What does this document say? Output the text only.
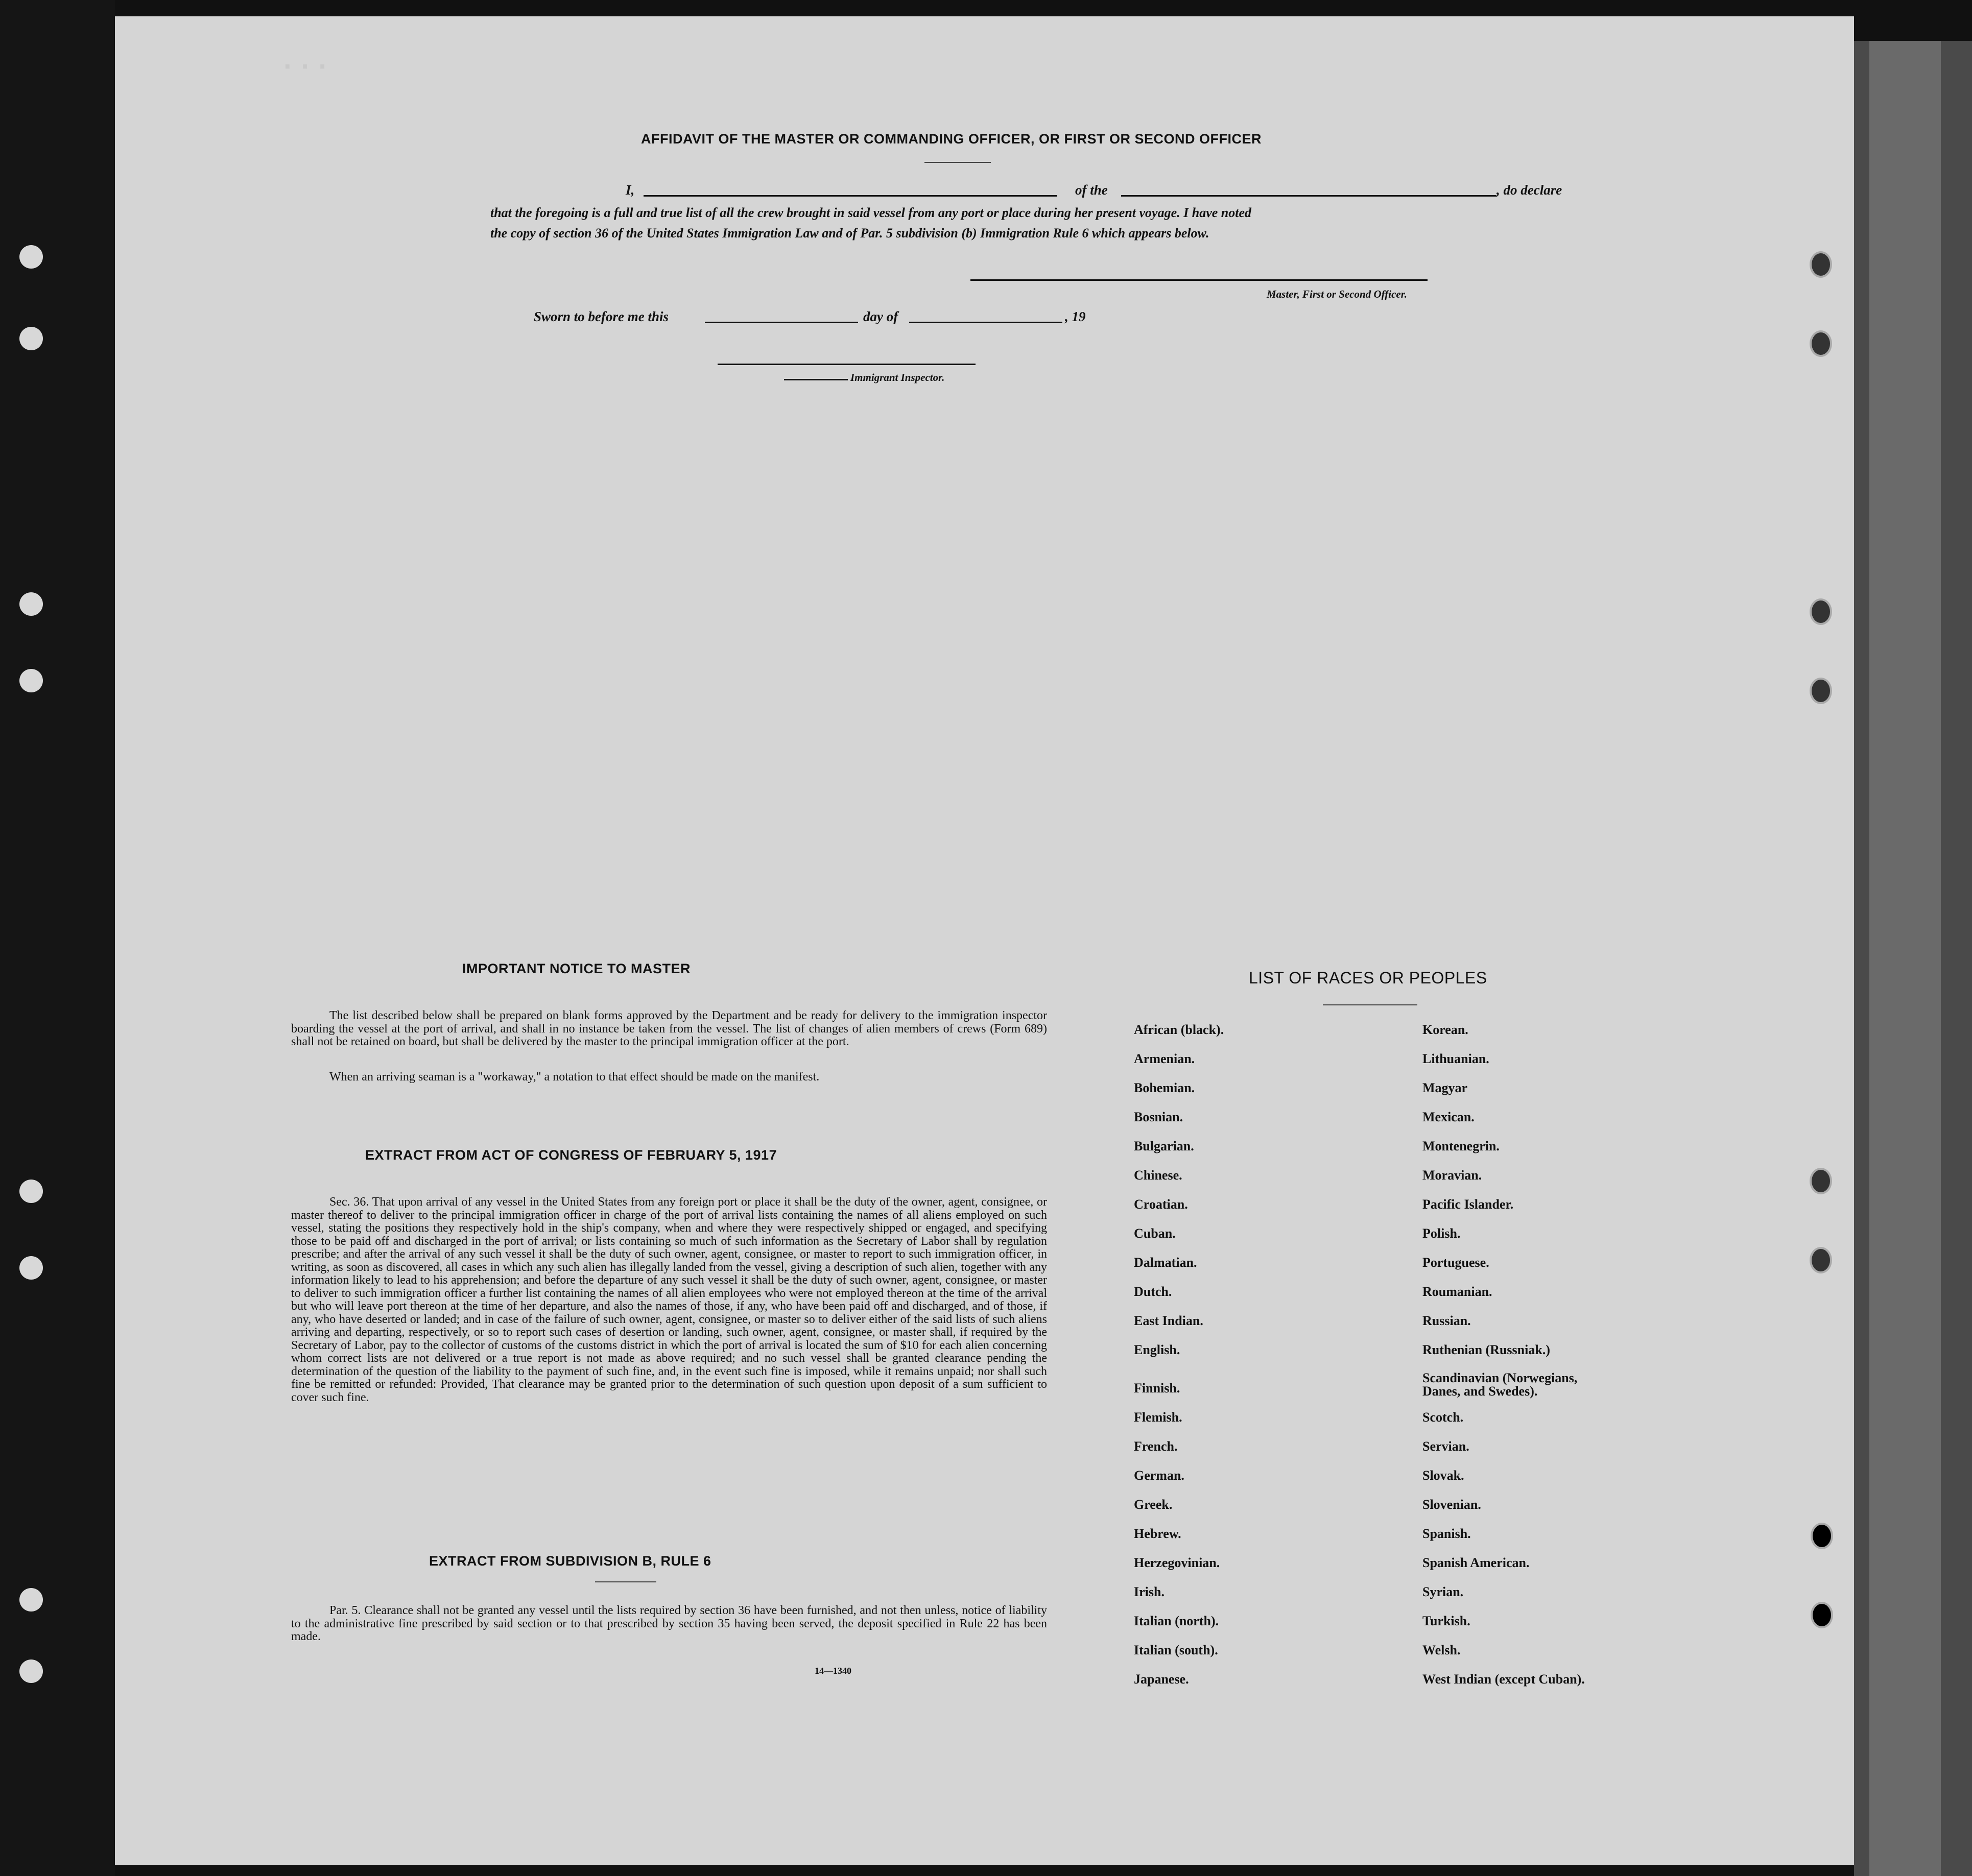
· · ·
AFFIDAVIT OF THE MASTER OR COMMANDING OFFICER, OR FIRST OR SECOND OFFICER
I,	of the	, do declare
that the foregoing is a full and true list of all the crew brought in said vessel from any port or place during her present voyage. I have noted
the copy of section 36 of the United States Immigration Law and of Par. 5 subdivision (b) Immigration Rule 6 which appears below.
Master, First or Second Officer.
Sworn to before me this	day of	, 19
Immigrant Inspector.
IMPORTANT NOTICE TO MASTER
The list described below shall be prepared on blank forms approved by the Department and be ready for delivery to the immigration inspector boarding the vessel at the port of arrival, and shall in no instance be taken from the vessel. The list of changes of alien members of crews (Form 689) shall not be retained on board, but shall be delivered by the master to the principal immigration officer at the port.
When an arriving seaman is a "workaway," a notation to that effect should be made on the manifest.
EXTRACT FROM ACT OF CONGRESS OF FEBRUARY 5, 1917
Sec. 36. That upon arrival of any vessel in the United States from any foreign port or place it shall be the duty of the owner, agent, consignee, or master thereof to deliver to the principal immigration officer in charge of the port of arrival lists containing the names of all aliens employed on such vessel, stating the positions they respectively hold in the ship's company, when and where they were respectively shipped or engaged, and specifying those to be paid off and discharged in the port of arrival; or lists containing so much of such information as the Secretary of Labor shall by regulation prescribe; and after the arrival of any such vessel it shall be the duty of such owner, agent, consignee, or master to report to such immigration officer, in writing, as soon as discovered, all cases in which any such alien has illegally landed from the vessel, giving a description of such alien, together with any information likely to lead to his apprehension; and before the departure of any such vessel it shall be the duty of such owner, agent, consignee, or master to deliver to such immigration officer a further list containing the names of all alien employees who were not employed thereon at the time of the arrival but who will leave port thereon at the time of her departure, and also the names of those, if any, who have been paid off and discharged, and of those, if any, who have deserted or landed; and in case of the failure of such owner, agent, consignee, or master so to deliver either of the said lists of such aliens arriving and departing, respectively, or so to report such cases of desertion or landing, such owner, agent, consignee, or master shall, if required by the Secretary of Labor, pay to the collector of customs of the customs district in which the port of arrival is located the sum of $10 for each alien concerning whom correct lists are not delivered or a true report is not made as above required; and no such vessel shall be granted clearance pending the determination of the question of the liability to the payment of such fine, and, in the event such fine is imposed, while it remains unpaid; nor shall such fine be remitted or refunded: Provided, That clearance may be granted prior to the determination of such question upon deposit of a sum sufficient to cover such fine.
EXTRACT FROM SUBDIVISION B, RULE 6
Par. 5. Clearance shall not be granted any vessel until the lists required by section 36 have been furnished, and not then unless, notice of liability to the administrative fine prescribed by said section or to that prescribed by section 35 having been served, the deposit specified in Rule 22 has been made.
14—1340
LIST OF RACES OR PEOPLES
African (black).
Armenian.
Bohemian.
Bosnian.
Bulgarian.
Chinese.
Croatian.
Cuban.
Dalmatian.
Dutch.
East Indian.
English.
Finnish.
Flemish.
French.
German.
Greek.
Hebrew.
Herzegovinian.
Irish.
Italian (north).
Italian (south).
Japanese.
Korean.
Lithuanian.
Magyar
Mexican.
Montenegrin.
Moravian.
Pacific Islander.
Polish.
Portuguese.
Roumanian.
Russian.
Ruthenian (Russniak.)
Scandinavian (Norwegians, Danes, and Swedes).
Scotch.
Servian.
Slovak.
Slovenian.
Spanish.
Spanish American.
Syrian.
Turkish.
Welsh.
West Indian (except Cuban).
